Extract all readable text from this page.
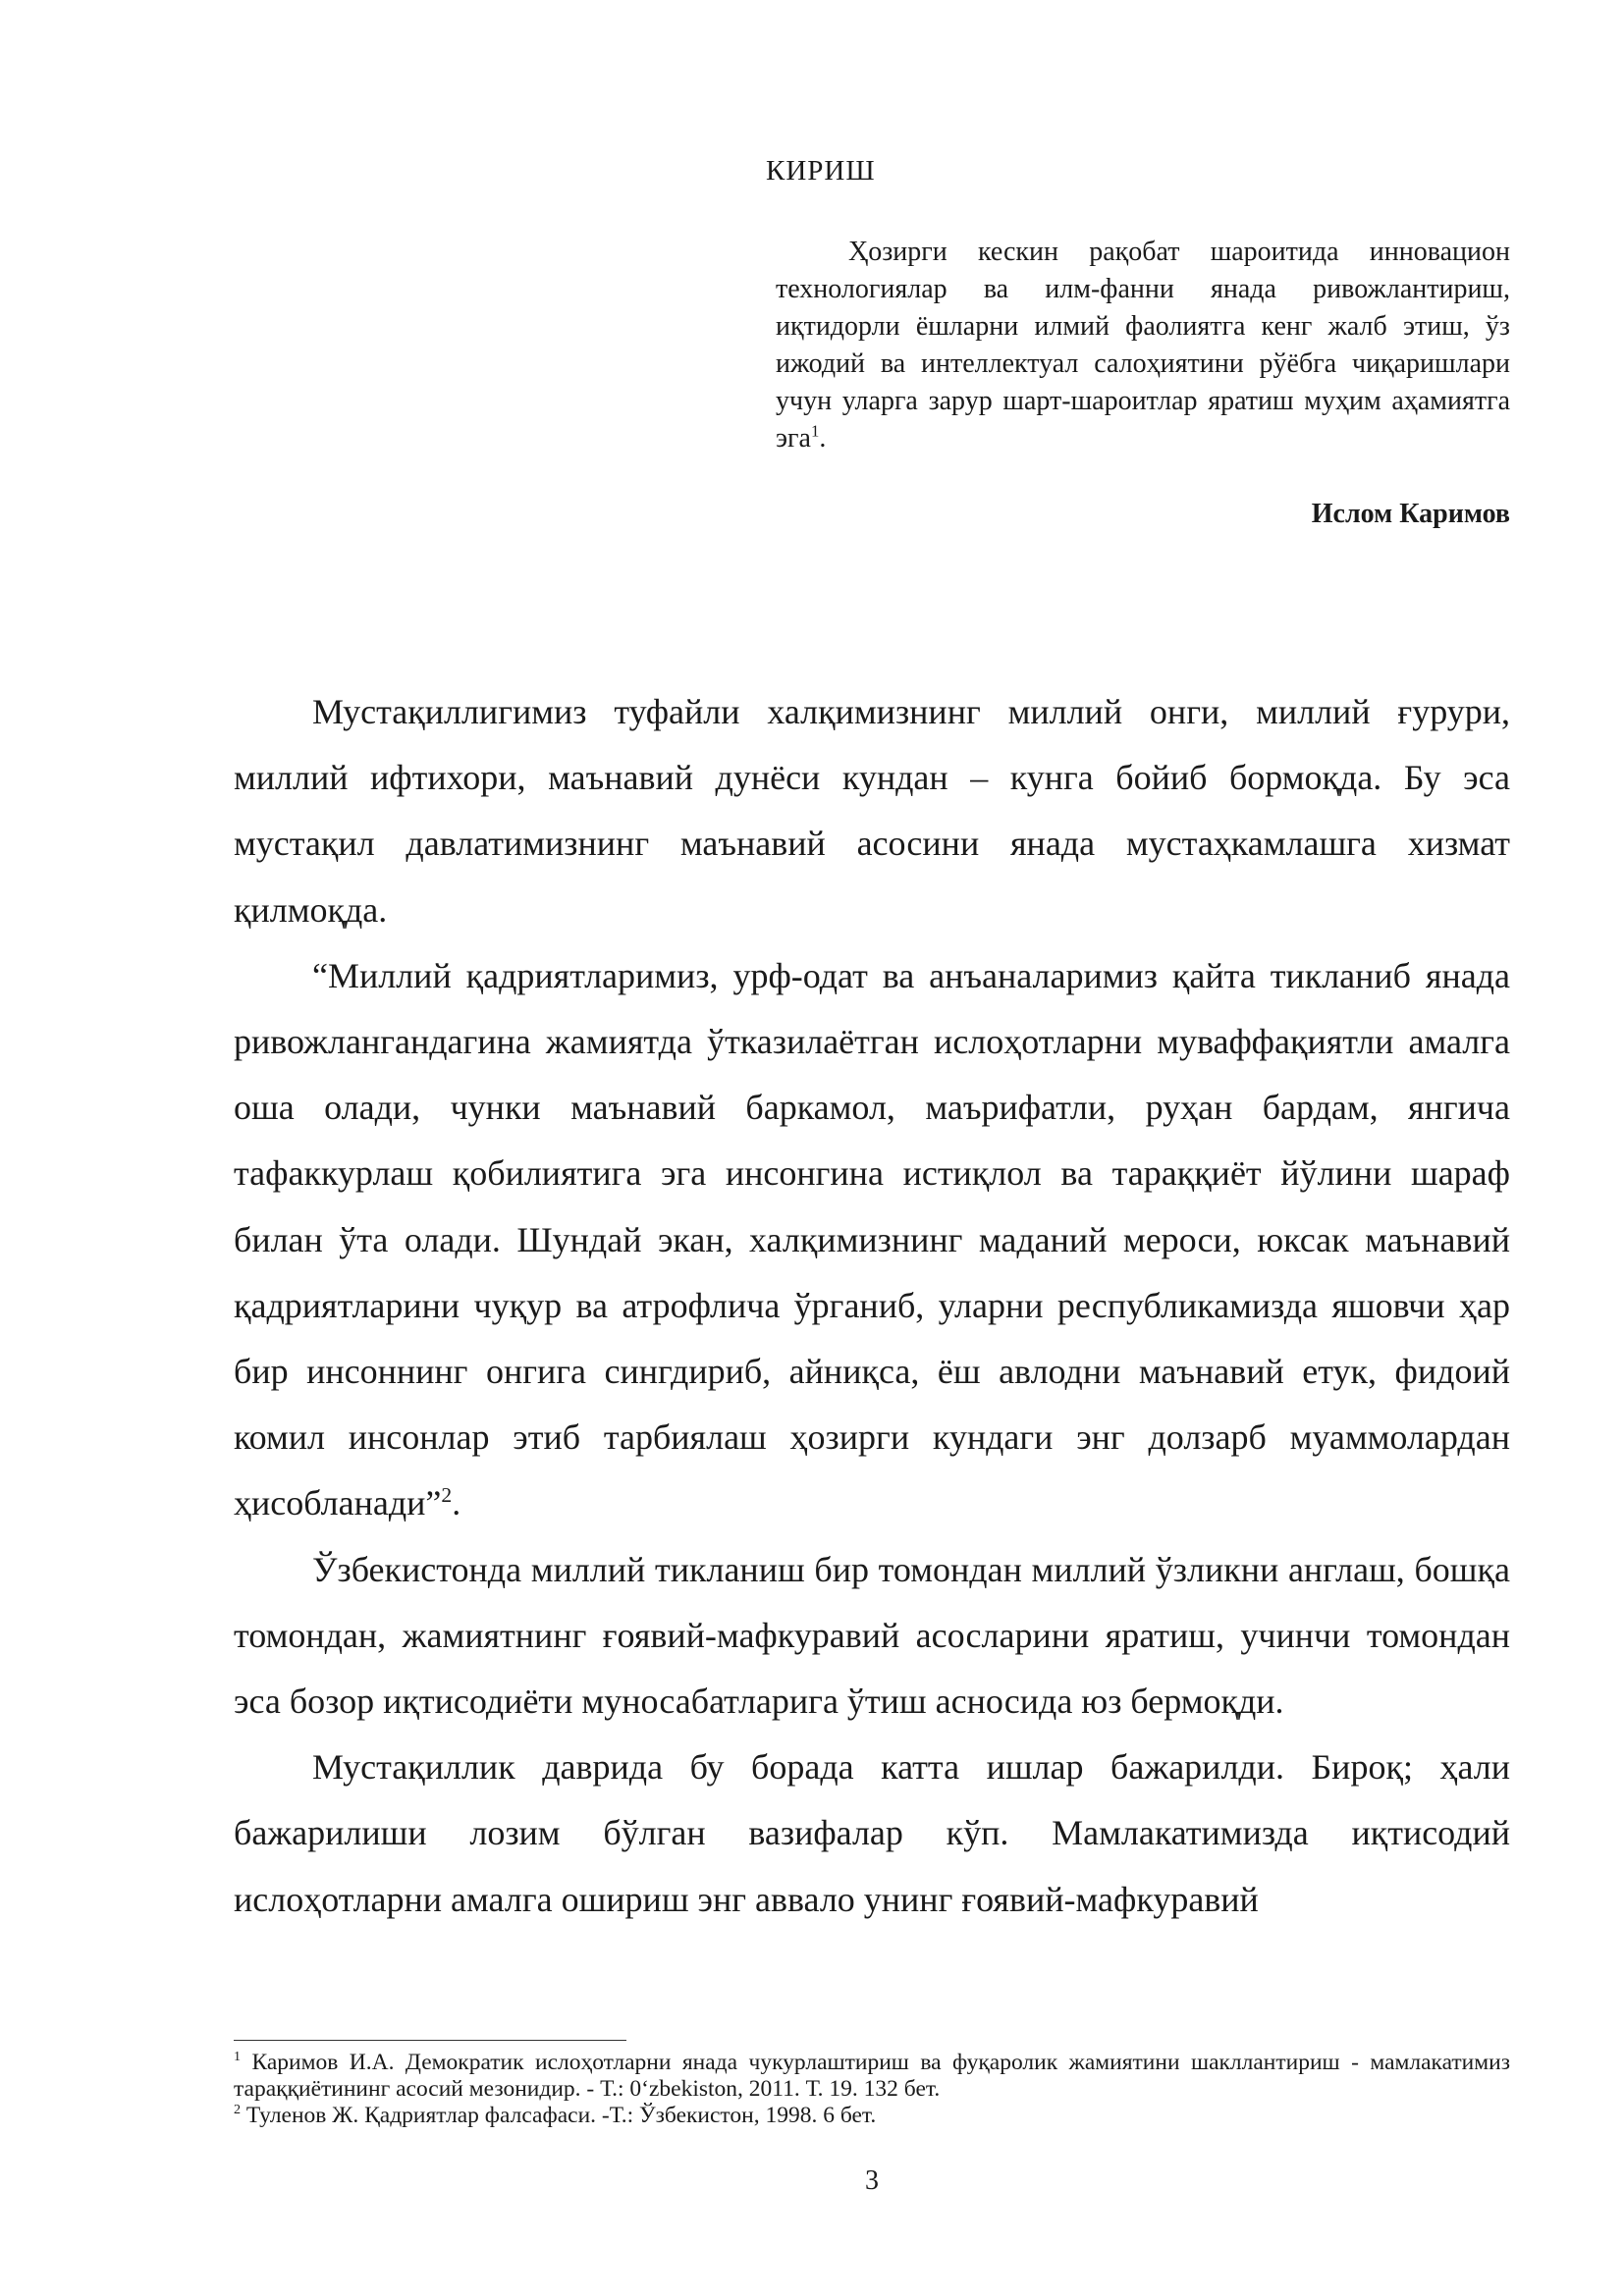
КИРИШ
Ҳозирги кескин рақобат шароитида инновацион технологиялар ва илм-фанни янада ривожлантириш, иқтидорли ёшларни илмий фаолиятга кенг жалб этиш, ўз ижодий ва интеллектуал салоҳиятини рўёбга чиқаришлари учун уларга зарур шарт-шароитлар яратиш муҳим аҳамиятга эга$^1$.
Ислом Каримов

Мустақиллигимиз туфайли халқимизнинг миллий онги, миллий ғурури, миллий ифтихори, маънавий дунёси кундан – кунга бойиб бормоқда. Бу эса мустақил давлатимизнинг маънавий асосини янада мустаҳкамлашга хизмат қилмоқда.

“Миллий қадриятларимиз, урф-одат ва анъаналаримиз қайта тикланиб янада ривожлангандагина жамиятда ўтказилаётган ислоҳотларни муваффақиятли амалга оша олади, чунки маънавий баркамол, маърифатли, руҳан бардам, янгича тафаккурлаш қобилиятига эга инсонгина истиқлол ва тараққиёт йўлини шараф билан ўта олади. Шундай экан, халқимизнинг маданий мероси, юксак маънавий қадриятларини чуқур ва атрофлича ўрганиб, уларни республикамизда яшовчи ҳар бир инсоннинг онгига сингдириб, айниқса, ёш авлодни маънавий етук, фидоий комил инсонлар этиб тарбиялаш ҳозирги кундаги энг долзарб муаммолардан ҳисобланади”$^2$.

Ўзбекистонда миллий тикланиш бир томондан миллий ўзликни англаш, бошқа томондан, жамиятнинг ғоявий-мафкуравий асосларини яратиш, учинчи томондан эса бозор иқтисодиёти муносабатларига ўтиш асносида юз бермоқди.

Мустақиллик даврида бу борада катта ишлар бажарилди. Бироқ; ҳали бажарилиши лозим бўлган вазифалар кўп. Мамлакатимизда иқтисодий ислоҳотларни амалга ошириш энг аввало унинг ғоявий-мафкуравий

$^1$ Каримов И.А. Демократик ислоҳотларни янада чукурлаштириш ва фуқаролик жамиятини шакллантириш - мамлакатимиз тараққиётининг асосий мезонидир. - Т.: 0‘zbekiston, 2011. Т. 19. 132 бет.

$^2$ Туленов Ж. Қадриятлар фалсафаси. -Т.: Ўзбекистон, 1998. 6 бет.

3
